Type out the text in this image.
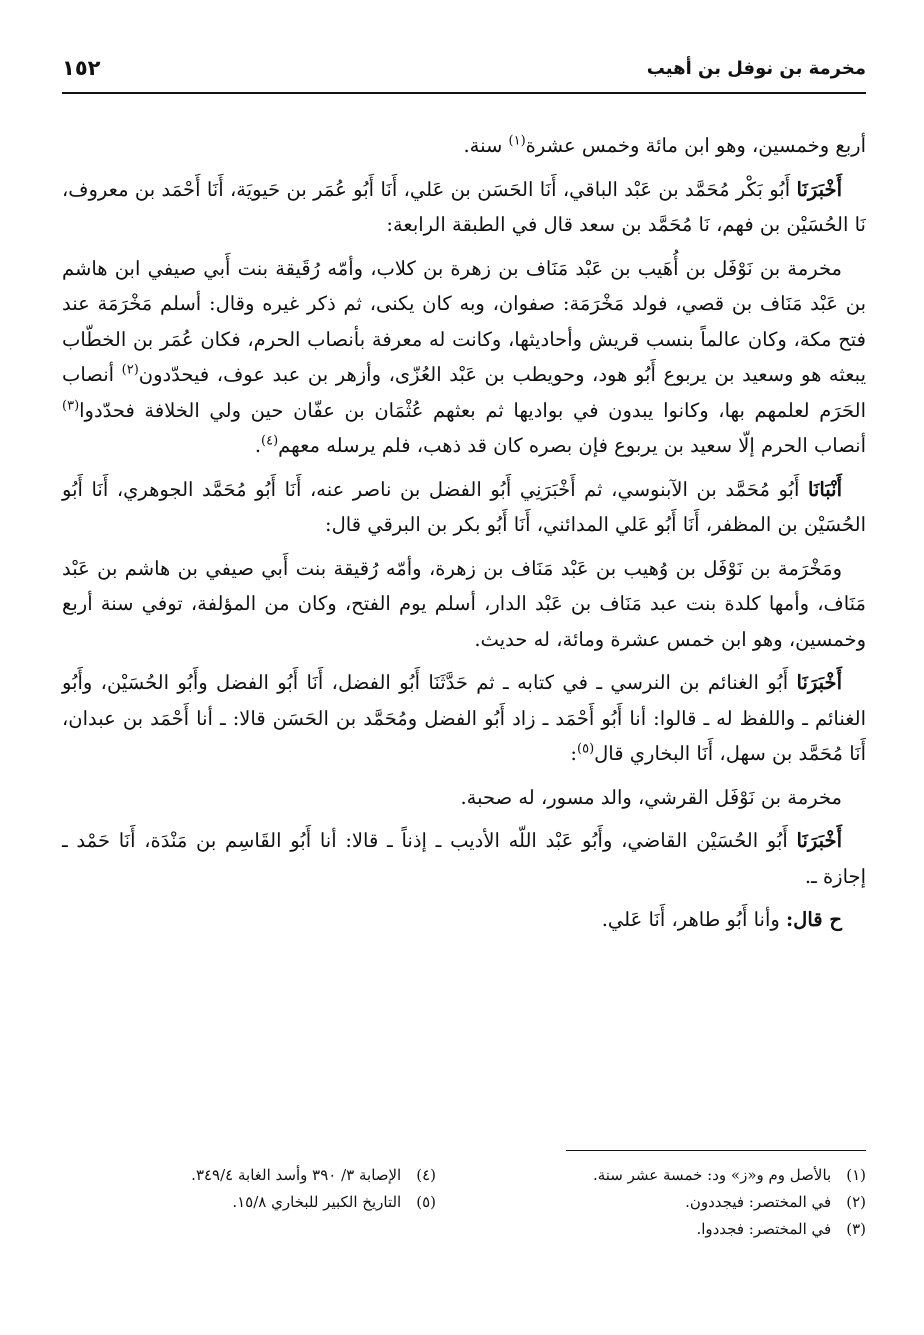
مخرمة بن نوفل بن أهيب
١٥٢

أربع وخمسين، وهو ابن مائة وخمس عشرة$^{(١)}$ سنة.

أَخْبَرَنَا أَبُو بَكْر مُحَمَّد بن عَبْد الباقي، أَنَا الحَسَن بن عَلي، أَنَا أَبُو عُمَر بن حَيويَة، أَنَا أَحْمَد بن معروف، نَا الحُسَيْن بن فهم، نَا مُحَمَّد بن سعد قال في الطبقة الرابعة:

مخرمة بن نَوْفَل بن أُهَيب بن عَبْد مَنَاف بن زهرة بن كلاب، وأمّه رُقَيقة بنت أَبي صيفي ابن هاشم بن عَبْد مَنَاف بن قصي، فولد مَخْرَمَة: صفوان، وبه كان يكنى، ثم ذكر غيره وقال: أسلم مَخْرَمَة عند فتح مكة، وكان عالماً بنسب قريش وأحاديثها، وكانت له معرفة بأنصاب الحرم، فكان عُمَر بن الخطّاب يبعثه هو وسعيد بن يربوع أَبُو هود، وحويطب بن عَبْد العُزّى، وأزهر بن عبد عوف، فيحدّدون$^{(٢)}$ أنصاب الحَرَم لعلمهم بها، وكانوا يبدون في بواديها ثم بعثهم عُثْمَان بن عفّان حين ولي الخلافة فحدّدوا$^{(٣)}$ أنصاب الحرم إلّا سعيد بن يربوع فإن بصره كان قد ذهب، فلم يرسله معهم$^{(٤)}$.

أَنْبَانَا أَبُو مُحَمَّد بن الآبنوسي، ثم أَخْبَرَنِي أَبُو الفضل بن ناصر عنه، أَنَا أَبُو مُحَمَّد الجوهري، أَنَا أَبُو الحُسَيْن بن المظفر، أَنَا أَبُو عَلي المدائني، أَنَا أَبُو بكر بن البرقي قال:

ومَخْرَمة بن نَوْفَل بن وُهيب بن عَبْد مَنَاف بن زهرة، وأمّه رُقيقة بنت أَبي صيفي بن هاشم بن عَبْد مَنَاف، وأمها كلدة بنت عبد مَنَاف بن عَبْد الدار، أسلم يوم الفتح، وكان من المؤلفة، توفي سنة أربع وخمسين، وهو ابن خمس عشرة ومائة، له حديث.

أَخْبَرَنَا أَبُو الغنائم بن النرسي ـ في كتابه ـ ثم حَدَّثَنَا أَبُو الفضل، أَنَا أَبُو الفضل وأَبُو الحُسَيْن، وأَبُو الغنائم ـ واللفظ له ـ قالوا: أنا أَبُو أَحْمَد ـ زاد أَبُو الفضل ومُحَمَّد بن الحَسَن قالا: ـ أنا أَحْمَد بن عبدان، أَنَا مُحَمَّد بن سهل، أَنَا البخاري قال$^{(٥)}$:

مخرمة بن نَوْفَل القرشي، والد مسور، له صحبة.

أَخْبَرَنَا أَبُو الحُسَيْن القاضي، وأَبُو عَبْد اللّه الأديب ـ إذناً ـ قالا: أنا أَبُو القَاسِم بن مَنْدَة، أَنَا حَمْد ـ إجازة ـ.

ح قال: وأنا أَبُو طاهر، أَنَا عَلي.

(١) بالأصل وم و«ز» ود: خمسة عشر سنة.
(٢) في المختصر: فيجددون.
(٣) في المختصر: فجددوا.
(٤) الإصابة ٣/ ٣٩٠ وأسد الغابة ٣٤٩/٤.
(٥) التاريخ الكبير للبخاري ١٥/٨.
